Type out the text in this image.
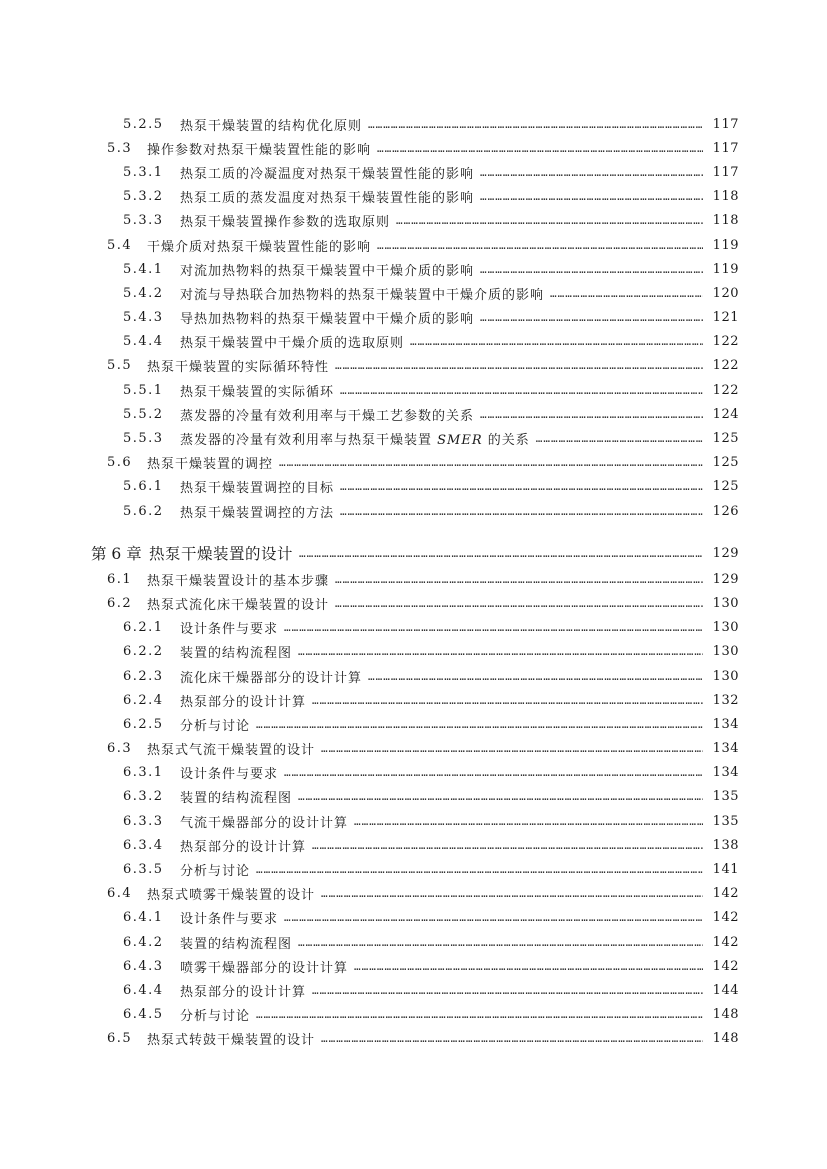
5.2.5	热泵干燥装置的结构优化原则 ………………………………………………………………………………………………………………………………………………………………………………………………	117
5.3	操作参数对热泵干燥装置性能的影响 ………………………………………………………………………………………………………………………………………………………………………………………………	117
5.3.1	热泵工质的冷凝温度对热泵干燥装置性能的影响 ………………………………………………………………………………………………………………………………………………………………………………………………	117
5.3.2	热泵工质的蒸发温度对热泵干燥装置性能的影响 ………………………………………………………………………………………………………………………………………………………………………………………………	118
5.3.3	热泵干燥装置操作参数的选取原则 ………………………………………………………………………………………………………………………………………………………………………………………………	118
5.4	干燥介质对热泵干燥装置性能的影响 ………………………………………………………………………………………………………………………………………………………………………………………………	119
5.4.1	对流加热物料的热泵干燥装置中干燥介质的影响 ………………………………………………………………………………………………………………………………………………………………………………………………	119
5.4.2	对流与导热联合加热物料的热泵干燥装置中干燥介质的影响 ………………………………………………………………………………………………………………………………………………………………………………………………	120
5.4.3	导热加热物料的热泵干燥装置中干燥介质的影响 ………………………………………………………………………………………………………………………………………………………………………………………………	121
5.4.4	热泵干燥装置中干燥介质的选取原则 ………………………………………………………………………………………………………………………………………………………………………………………………	122
5.5	热泵干燥装置的实际循环特性 ………………………………………………………………………………………………………………………………………………………………………………………………	122
5.5.1	热泵干燥装置的实际循环 ………………………………………………………………………………………………………………………………………………………………………………………………	122
5.5.2	蒸发器的冷量有效利用率与干燥工艺参数的关系 ………………………………………………………………………………………………………………………………………………………………………………………………	124
5.5.3	蒸发器的冷量有效利用率与热泵干燥装置 SMER 的关系 ………………………………………………………………………………………………………………………………………………………………………………………………	125
5.6	热泵干燥装置的调控 ………………………………………………………………………………………………………………………………………………………………………………………………	125
5.6.1	热泵干燥装置调控的目标 ………………………………………………………………………………………………………………………………………………………………………………………………	125
5.6.2	热泵干燥装置调控的方法 ………………………………………………………………………………………………………………………………………………………………………………………………	126
第 6 章 热泵干燥装置的设计 ………………………………………………………………………………………………………………………………………………………………………………………………	129
6.1	热泵干燥装置设计的基本步骤 ………………………………………………………………………………………………………………………………………………………………………………………………	129
6.2	热泵式流化床干燥装置的设计 ………………………………………………………………………………………………………………………………………………………………………………………………	130
6.2.1	设计条件与要求 ………………………………………………………………………………………………………………………………………………………………………………………………	130
6.2.2	装置的结构流程图 ………………………………………………………………………………………………………………………………………………………………………………………………	130
6.2.3	流化床干燥器部分的设计计算 ………………………………………………………………………………………………………………………………………………………………………………………………	130
6.2.4	热泵部分的设计计算 ………………………………………………………………………………………………………………………………………………………………………………………………	132
6.2.5	分析与讨论 ………………………………………………………………………………………………………………………………………………………………………………………………	134
6.3	热泵式气流干燥装置的设计 ………………………………………………………………………………………………………………………………………………………………………………………………	134
6.3.1	设计条件与要求 ………………………………………………………………………………………………………………………………………………………………………………………………	134
6.3.2	装置的结构流程图 ………………………………………………………………………………………………………………………………………………………………………………………………	135
6.3.3	气流干燥器部分的设计计算 ………………………………………………………………………………………………………………………………………………………………………………………………	135
6.3.4	热泵部分的设计计算 ………………………………………………………………………………………………………………………………………………………………………………………………	138
6.3.5	分析与讨论 ………………………………………………………………………………………………………………………………………………………………………………………………	141
6.4	热泵式喷雾干燥装置的设计 ………………………………………………………………………………………………………………………………………………………………………………………………	142
6.4.1	设计条件与要求 ………………………………………………………………………………………………………………………………………………………………………………………………	142
6.4.2	装置的结构流程图 ………………………………………………………………………………………………………………………………………………………………………………………………	142
6.4.3	喷雾干燥器部分的设计计算 ………………………………………………………………………………………………………………………………………………………………………………………………	142
6.4.4	热泵部分的设计计算 ………………………………………………………………………………………………………………………………………………………………………………………………	144
6.4.5	分析与讨论 ………………………………………………………………………………………………………………………………………………………………………………………………	148
6.5	热泵式转鼓干燥装置的设计 ………………………………………………………………………………………………………………………………………………………………………………………………	148
